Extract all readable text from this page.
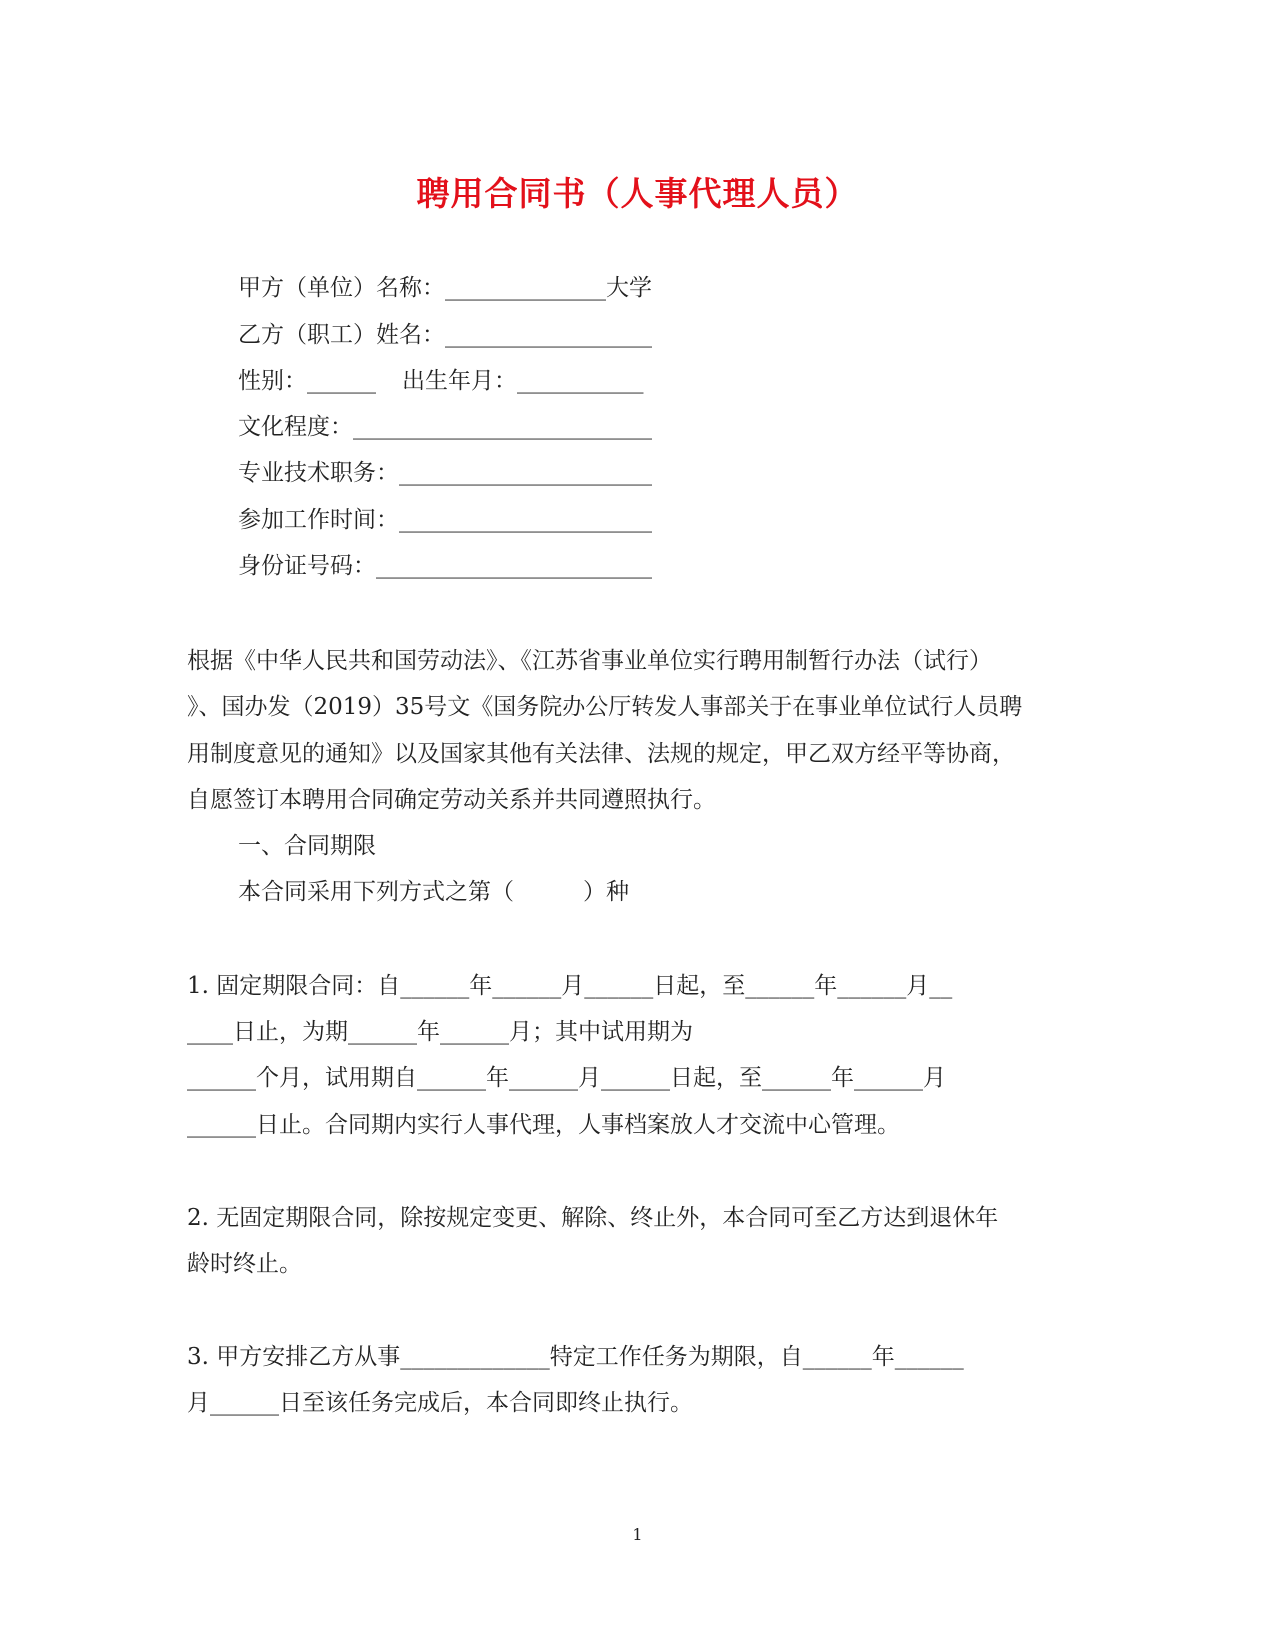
聘用合同书（人事代理人员）
甲方（单位）名称：______________大学
乙方（职工）姓名：__________________
性别：______ 出生年月：___________
文化程度：__________________________
专业技术职务：______________________
参加工作时间：______________________
身份证号码：________________________
根据《中华人民共和国劳动法》、《江苏省事业单位实行聘用制暂行办法（试行）
》、国办发（2019）35号文《国务院办公厅转发人事部关于在事业单位试行人员聘
用制度意见的通知》以及国家其他有关法律、法规的规定，甲乙双方经平等协商，
自愿签订本聘用合同确定劳动关系并共同遵照执行。
一、合同期限
本合同采用下列方式之第（　　　）种
1. 固定期限合同：自______年______月______日起，至______年______月__
____日止，为期______年______月；其中试用期为
______个月，试用期自______年______月______日起，至______年______月
______日止。合同期内实行人事代理，人事档案放人才交流中心管理。
2. 无固定期限合同，除按规定变更、解除、终止外，本合同可至乙方达到退休年
龄时终止。
3. 甲方安排乙方从事_____________特定工作任务为期限，自______年______
月______日至该任务完成后，本合同即终止执行。
1
